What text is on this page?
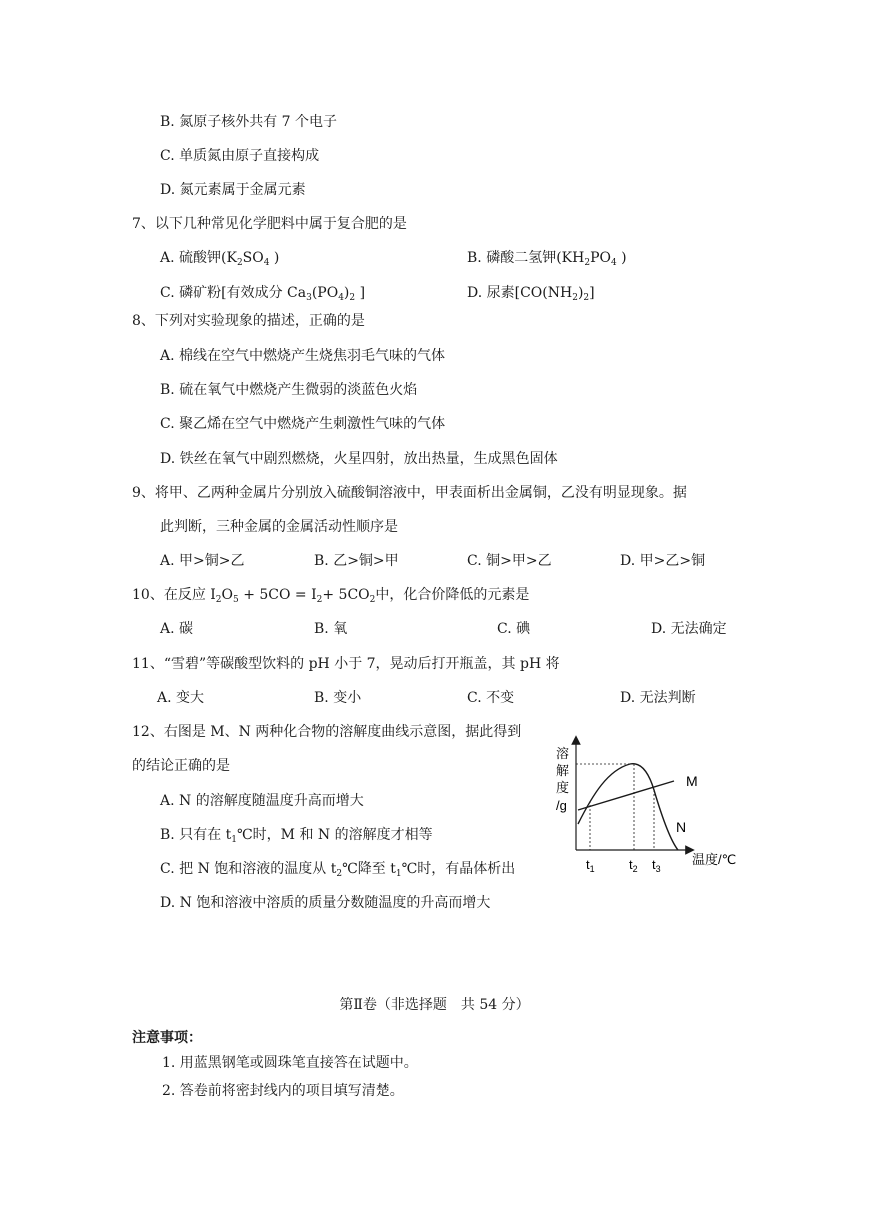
B. 氮原子核外共有 7 个电子
C. 单质氮由原子直接构成
D. 氮元素属于金属元素
7、以下几种常见化学肥料中属于复合肥的是
A. 硫酸钾($K_2SO_4$ )	B. 磷酸二氢钾($KH_2PO_4$ )
C. 磷矿粉[有效成分 $Ca_3(PO_4)_2$ ]	D. 尿素$[CO(NH_2)_2]$
8、下列对实验现象的描述，正确的是
A. 棉线在空气中燃烧产生烧焦羽毛气味的气体
B. 硫在氧气中燃烧产生微弱的淡蓝色火焰
C. 聚乙烯在空气中燃烧产生刺激性气味的气体
D. 铁丝在氧气中剧烈燃烧，火星四射，放出热量，生成黑色固体
9、将甲、乙两种金属片分别放入硫酸铜溶液中，甲表面析出金属铜，乙没有明显现象。据
此判断，三种金属的金属活动性顺序是
A. 甲>铜>乙	B. 乙>铜>甲	C. 铜>甲>乙	D. 甲>乙>铜
10、在反应 $I_2O_5 + 5CO = I_2+ 5CO_2$中，化合价降低的元素是
A. 碳	B. 氧	C. 碘	D. 无法确定
11、“雪碧”等碳酸型饮料的 pH 小于 7，晃动后打开瓶盖，其 pH 将
A. 变大	B. 变小	C. 不变	D. 无法判断
12、右图是 M、N 两种化合物的溶解度曲线示意图，据此得到
的结论正确的是
A. N 的溶解度随温度升高而增大
B. 只有在 $t_1℃$时，M 和 N 的溶解度才相等
C. 把 N 饱和溶液的温度从 $t_2℃$降至 $t_1℃$时，有晶体析出
D. N 饱和溶液中溶质的质量分数随温度的升高而增大
溶
解
度
/g
M
N
$t_1$	$t_2$ $t_3$
温度/℃
第Ⅱ卷（非选择题　共 54 分）
注意事项：
1. 用蓝黑钢笔或圆珠笔直接答在试题中。
2. 答卷前将密封线内的项目填写清楚。
